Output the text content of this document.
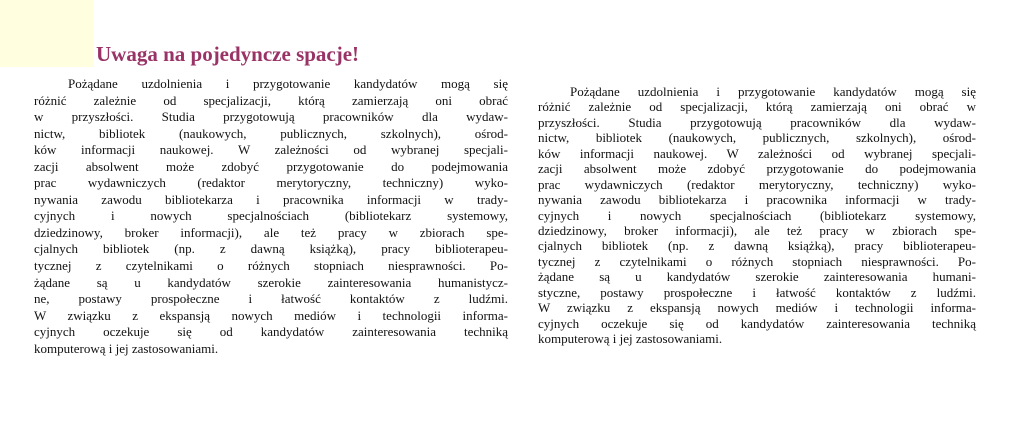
Uwaga na pojedyncze spacje!
Pożądane uzdolnienia i przygotowanie kandydatów mogą się
różnić zależnie od specjalizacji, którą zamierzają oni obrać
w przyszłości. Studia przygotowują pracowników dla wydaw-
nictw, bibliotek (naukowych, publicznych, szkolnych), ośrod-
ków informacji naukowej. W zależności od wybranej specjali-
zacji absolwent może zdobyć przygotowanie do podejmowania
prac wydawniczych (redaktor merytoryczny, techniczny) wyko-
nywania zawodu bibliotekarza i pracownika informacji w trady-
cyjnych i nowych specjalnościach (bibliotekarz systemowy,
dziedzinowy, broker informacji), ale też pracy w zbiorach spe-
cjalnych bibliotek (np. z dawną książką), pracy biblioterapeu-
tycznej z czytelnikami o różnych stopniach niesprawności. Po-
żądane są u kandydatów szerokie zainteresowania humanistycz-
ne, postawy prospołeczne i łatwość kontaktów z ludźmi.
W związku z ekspansją nowych mediów i technologii informa-
cyjnych oczekuje się od kandydatów zainteresowania techniką
komputerową i jej zastosowaniami.
Pożądane uzdolnienia i przygotowanie kandydatów mogą się
różnić zależnie od specjalizacji, którą zamierzają oni obrać w
przyszłości. Studia przygotowują pracowników dla wydaw-
nictw, bibliotek (naukowych, publicznych, szkolnych), ośrod-
ków informacji naukowej. W zależności od wybranej specjali-
zacji absolwent może zdobyć przygotowanie do podejmowania
prac wydawniczych (redaktor merytoryczny, techniczny) wyko-
nywania zawodu bibliotekarza i pracownika informacji w trady-
cyjnych i nowych specjalnościach (bibliotekarz systemowy,
dziedzinowy, broker informacji), ale też pracy w zbiorach spe-
cjalnych bibliotek (np. z dawną książką), pracy biblioterapeu-
tycznej z czytelnikami o różnych stopniach niesprawności. Po-
żądane są u kandydatów szerokie zainteresowania humani-
styczne, postawy prospołeczne i łatwość kontaktów z ludźmi.
W związku z ekspansją nowych mediów i technologii informa-
cyjnych oczekuje się od kandydatów zainteresowania techniką
komputerową i jej zastosowaniami.
